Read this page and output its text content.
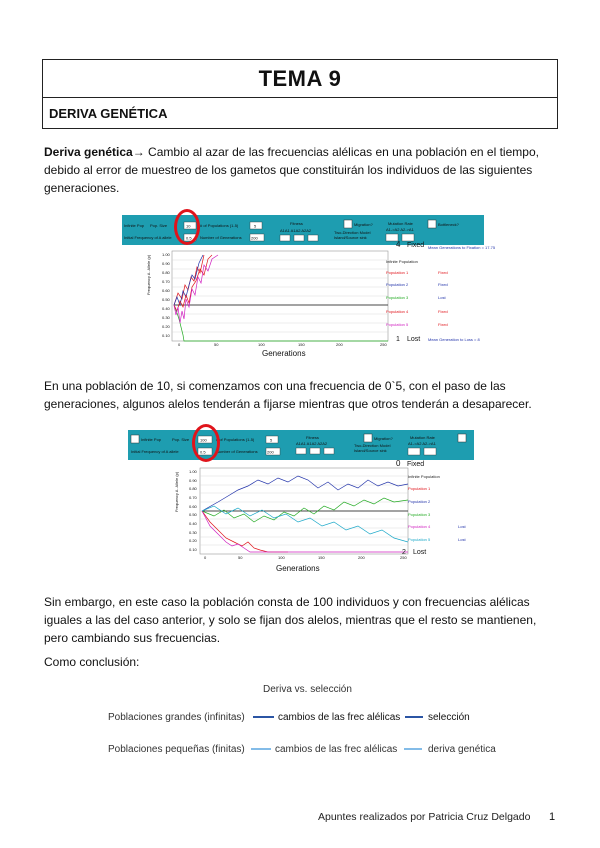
TEMA 9
DERIVA GENÉTICA
Deriva genética→ Cambio al azar de las frecuencias alélicas en una población en el tiempo, debido al error de muestreo de los gametos que constituirán los individuos de las siguientes generaciones.
Infinite Pop Pop. Size	10 # of Populations (1-5)	5
Initial Frequency of A allele	0.5 Number of Generations 200
Fitness
A1A1 A1A2 A2A2
Migration?
Two-Direction Model
Island/Source sink
Mutation Rate
A1->A2 A2->A1
Bottleneck?
Frequency A. Allele (p)
1.00
0.90
0.80
0.70
0.60
0.50
0.40
0.30
0.20
0.10
0	50	100	150	200	250
Generations
4 Fixed Mean Generations to Fixation = 17.75
Infinite Population
Population 1	Fixed
Population 2	Fixed
Population 3	Lost
Population 4	Fixed
Population 5	Fixed
1 Lost Mean Generation to Loss = 8
En una población de 10, si comenzamos con una frecuencia de 0`5, con el paso de las generaciones, algunos alelos tenderán a fijarse mientras que otros tenderán a desaparecer.
Infinite Pop	Pop. Size	100 # of Populations (1-5)	5
Initial Frequency of A allele	0.5	Number of Generations 200
Fitness
A1A1 A1A2 A2A2
Migration?
Two-Direction Model
Island/Source sink
Mutation Rate
A1->A2 A2->A1
Frequency A. Allele (p)
1.00
0.90
0.80
0.70
0.60
0.50
0.40
0.30
0.20
0.10
0	50	100	150	200	250
Generations
0 Fixed
Infinite Population
Population 1
Population 2
Population 3
Population 4	Lost
Population 5	Lost
2 Lost
Sin embargo, en este caso la población consta de 100 individuos y con frecuencias alélicas iguales a las del caso anterior, y solo se fijan dos alelos, mientras que el resto se mantienen, pero cambiando sus frecuencias.
Como conclusión:
Deriva vs. selección
Poblaciones grandes (infinitas)	cambios de las frec alélicas	selección
Poblaciones pequeñas (finitas)	cambios de las frec alélicas	deriva genética
Apuntes realizados por Patricia Cruz Delgado 1
